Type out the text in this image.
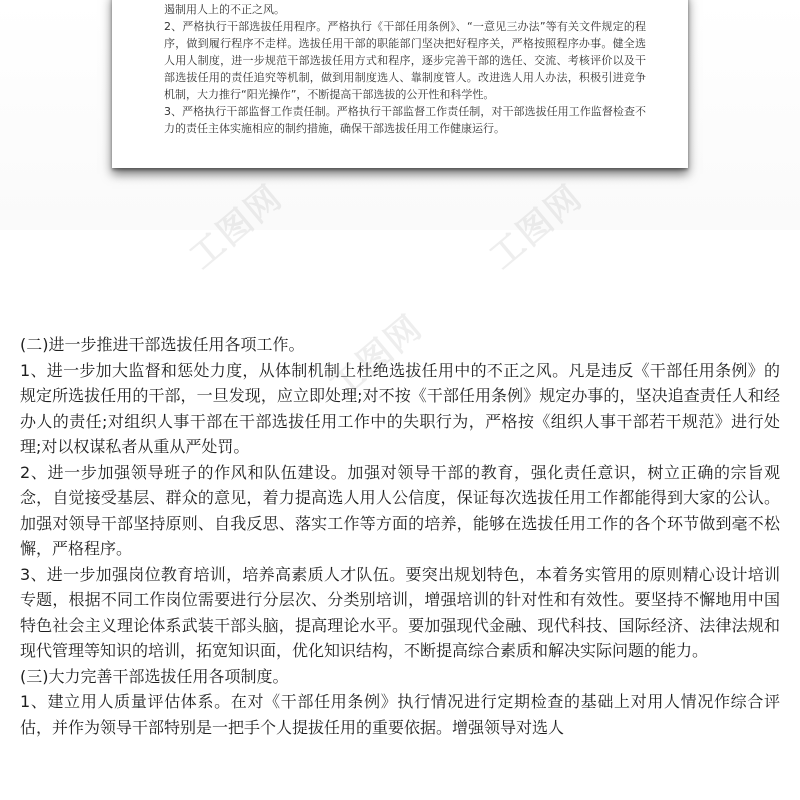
遏制用人上的不正之风。

2、严格执行干部选拔任用程序。严格执行《干部任用条例》、“一意见三办法”等有关文件规定的程序，做到履行程序不走样。选拔任用干部的职能部门坚决把好程序关，严格按照程序办事。健全选人用人制度，进一步规范干部选拔任用方式和程序，逐步完善干部的选任、交流、考核评价以及干部选拔任用的责任追究等机制，做到用制度选人、靠制度管人。改进选人用人办法，积极引进竞争机制，大力推行“阳光操作”，不断提高干部选拔的公开性和科学性。

3、严格执行干部监督工作责任制。严格执行干部监督工作责任制，对干部选拔任用工作监督检查不力的责任主体实施相应的制约措施，确保干部选拔任用工作健康运行。

工图网

(二)进一步推进干部选拔任用各项工作。

1、进一步加大监督和惩处力度，从体制机制上杜绝选拔任用中的不正之风。凡是违反《干部任用条例》的规定所选拔任用的干部，一旦发现，应立即处理;对不按《干部任用条例》规定办事的，坚决追查责任人和经办人的责任;对组织人事干部在干部选拔任用工作中的失职行为，严格按《组织人事干部若干规范》进行处理;对以权谋私者从重从严处罚。

2、进一步加强领导班子的作风和队伍建设。加强对领导干部的教育，强化责任意识，树立正确的宗旨观念，自觉接受基层、群众的意见，着力提高选人用人公信度，保证每次选拔任用工作都能得到大家的公认。加强对领导干部坚持原则、自我反思、落实工作等方面的培养，能够在选拔任用工作的各个环节做到毫不松懈，严格程序。

3、进一步加强岗位教育培训，培养高素质人才队伍。要突出规划特色，本着务实管用的原则精心设计培训专题，根据不同工作岗位需要进行分层次、分类别培训，增强培训的针对性和有效性。要坚持不懈地用中国特色社会主义理论体系武装干部头脑，提高理论水平。要加强现代金融、现代科技、国际经济、法律法规和现代管理等知识的培训，拓宽知识面，优化知识结构，不断提高综合素质和解决实际问题的能力。

(三)大力完善干部选拔任用各项制度。

1、建立用人质量评估体系。在对《干部任用条例》执行情况进行定期检查的基础上对用人情况作综合评估，并作为领导干部特别是一把手个人提拔任用的重要依据。增强领导对选人
